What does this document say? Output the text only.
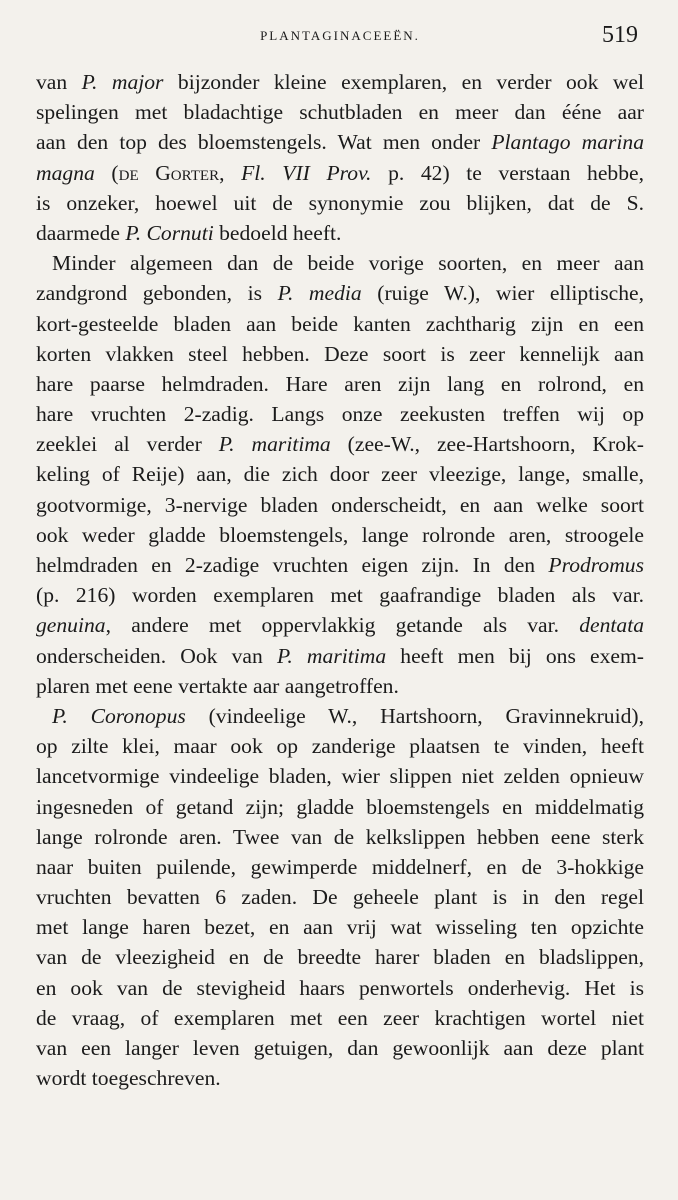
PLANTAGINACEEËN.	519
van P. major bijzonder kleine exemplaren, en verder ook wel
spelingen met bladachtige schutbladen en meer dan ééne aar
aan den top des bloemstengels. Wat men onder Plantago marina
magna (de Gorter, Fl. VII Prov. p. 42) te verstaan hebbe,
is onzeker, hoewel uit de synonymie zou blijken, dat de S.
daarmede P. Cornuti bedoeld heeft.
Minder algemeen dan de beide vorige soorten, en meer aan
zandgrond gebonden, is P. media (ruige W.), wier elliptische,
kort-gesteelde bladen aan beide kanten zachtharig zijn en een
korten vlakken steel hebben. Deze soort is zeer kennelijk aan
hare paarse helmdraden. Hare aren zijn lang en rolrond, en
hare vruchten 2-zadig. Langs onze zeekusten treffen wij op
zeeklei al verder P. maritima (zee-W., zee-Hartshoorn, Krok-
keling of Reije) aan, die zich door zeer vleezige, lange, smalle,
gootvormige, 3-nervige bladen onderscheidt, en aan welke soort
ook weder gladde bloemstengels, lange rolronde aren, stroogele
helmdraden en 2-zadige vruchten eigen zijn. In den Prodromus
(p. 216) worden exemplaren met gaafrandige bladen als var.
genuina, andere met oppervlakkig getande als var. dentata
onderscheiden. Ook van P. maritima heeft men bij ons exem-
plaren met eene vertakte aar aangetroffen.
P. Coronopus (vindeelige W., Hartshoorn, Gravinnekruid),
op zilte klei, maar ook op zanderige plaatsen te vinden, heeft
lancetvormige vindeelige bladen, wier slippen niet zelden opnieuw
ingesneden of getand zijn; gladde bloemstengels en middelmatig
lange rolronde aren. Twee van de kelkslippen hebben eene sterk
naar buiten puilende, gewimperde middelnerf, en de 3-hokkige
vruchten bevatten 6 zaden. De geheele plant is in den regel
met lange haren bezet, en aan vrij wat wisseling ten opzichte
van de vleezigheid en de breedte harer bladen en bladslippen,
en ook van de stevigheid haars penwortels onderhevig. Het is
de vraag, of exemplaren met een zeer krachtigen wortel niet
van een langer leven getuigen, dan gewoonlijk aan deze plant
wordt toegeschreven.
